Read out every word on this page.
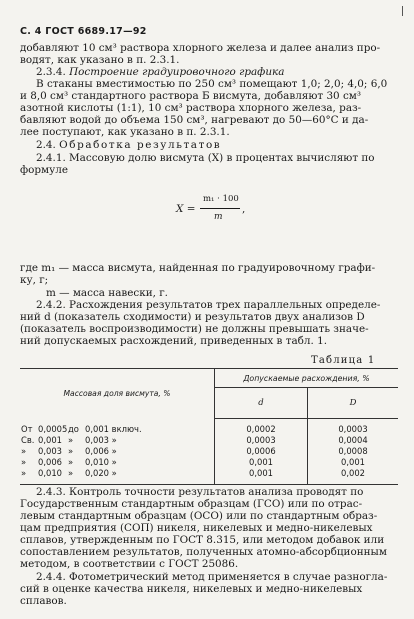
С. 4 ГОСТ 6689.17—92
добавляют 10 см³ раствора хлорного железа и далее анализ про-
водят, как указано в п. 2.3.1.
2.3.4. Построение градуировочного графика
В стаканы вместимостью по 250 см³ помещают 1,0; 2,0; 4,0; 6,0
и 8,0 см³ стандартного раствора Б висмута, добавляют 30 см³
азотной кислоты (1:1), 10 см³ раствора хлорного железа, раз-
бавляют водой до объема 150 см³, нагревают до 50—60°С и да-
лее поступают, как указано в п. 2.3.1.
2.4. Обработка результатов
2.4.1. Массовую долю висмута (X) в процентах вычисляют по
формуле
X =
m₁ · 100
m
,
где m₁ — масса висмута, найденная по градуировочному графи-
ку, г;
m — масса навески, г.
2.4.2. Расхождения результатов трех параллельных определе-
ний d (показатель сходимости) и результатов двух анализов D
(показатель воспроизводимости) не должны превышать значе-
ний допускаемых расхождений, приведенных в табл. 1.
Таблица 1
Массовая доля висмута, %	Допускаемые расхождения, %	
	d	D
От 0,0005до 0,001 включ.	0,0002	0,0003
Св. 0,001 » 0,003 »	0,0003	0,0004
» 0,003 » 0,006 »	0,0006	0,0008
» 0,006 » 0,010 »	0,001	0,001
» 0,010 » 0,020 »	0,001	0,002
2.4.3. Контроль точности результатов анализа проводят по
Государственным стандартным образцам (ГСО) или по отрас-
левым стандартным образцам (ОСО) или по стандартным образ-
цам предприятия (СОП) никеля, никелевых и медно-никелевых
сплавов, утвержденным по ГОСТ 8.315, или методом добавок или
сопоставлением результатов, полученных атомно-абсорбционным
методом, в соответствии с ГОСТ 25086.
2.4.4. Фотометрический метод применяется в случае разногла-
сий в оценке качества никеля, никелевых и медно-никелевых
сплавов.
